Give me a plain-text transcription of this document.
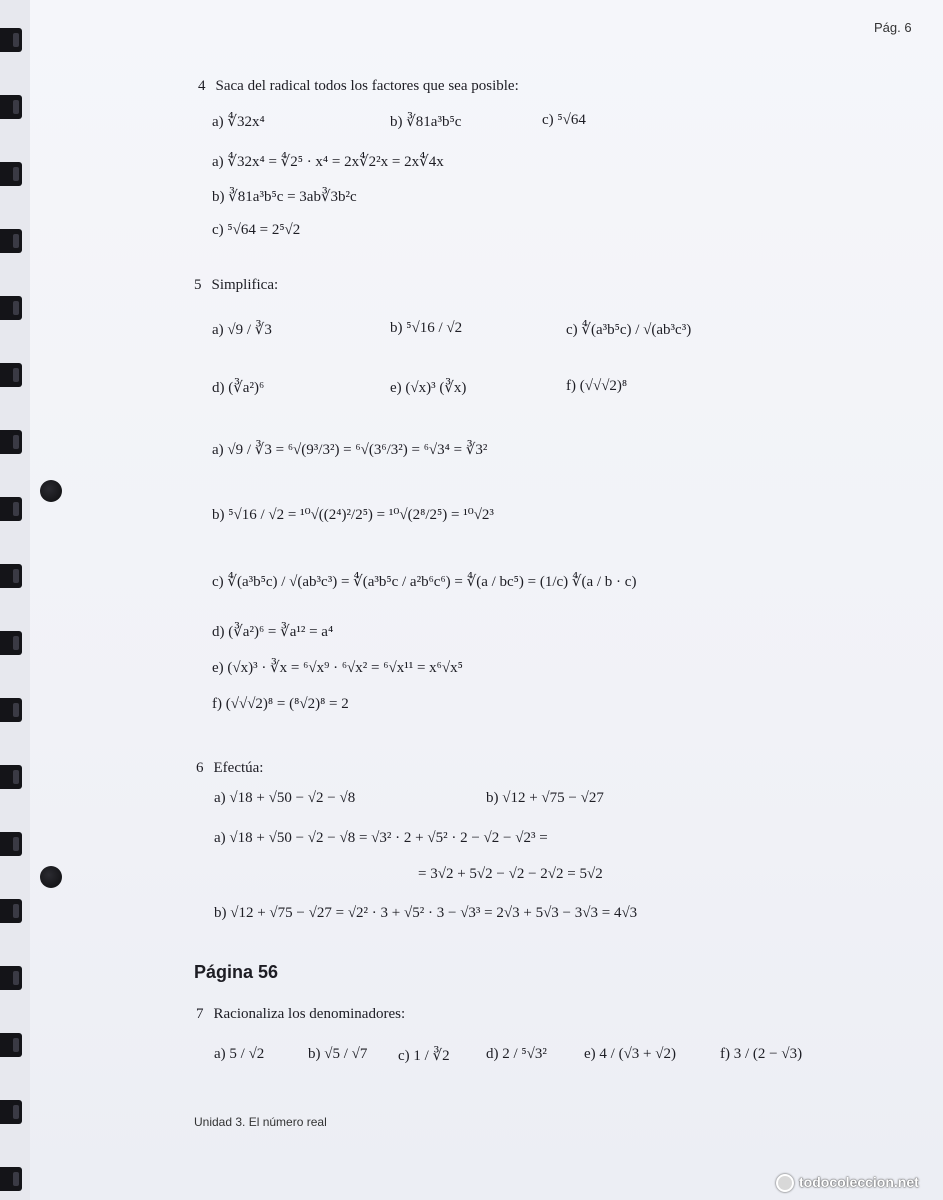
Pág. 6
4 Saca del radical todos los factores que sea posible:
a) ∜32x⁴	b) ∛81a³b⁵c	c) ⁵√64
a) ∜32x⁴ = ∜2⁵ · x⁴ = 2x∜2²x = 2x∜4x
b) ∛81a³b⁵c = 3ab∛3b²c
c) ⁵√64 = 2⁵√2
5 Simplifica:
a) √9 / ∛3	b) ⁵√16 / √2	c) ∜(a³b⁵c) / √(ab³c³)
d) (∛a²)⁶	e) (√x)³ (∛x)	f) (√√√2)⁸
a) √9 / ∛3 = ⁶√(9³/3²) = ⁶√(3⁶/3²) = ⁶√3⁴ = ∛3²
b) ⁵√16 / √2 = ¹⁰√((2⁴)²/2⁵) = ¹⁰√(2⁸/2⁵) = ¹⁰√2³
c) ∜(a³b⁵c) / √(ab³c³) = ∜(a³b⁵c / a²b⁶c⁶) = ∜(a / bc⁵) = (1/c) ∜(a / b · c)
d) (∛a²)⁶ = ∛a¹² = a⁴
e) (√x)³ · ∛x = ⁶√x⁹ · ⁶√x² = ⁶√x¹¹ = x⁶√x⁵
f) (√√√2)⁸ = (⁸√2)⁸ = 2
6 Efectúa:
a) √18 + √50 − √2 − √8	b) √12 + √75 − √27
a) √18 + √50 − √2 − √8 = √3² · 2 + √5² · 2 − √2 − √2³ =
= 3√2 + 5√2 − √2 − 2√2 = 5√2
b) √12 + √75 − √27 = √2² · 3 + √5² · 3 − √3³ = 2√3 + 5√3 − 3√3 = 4√3
Página 56
7 Racionaliza los denominadores:
a) 5 / √2	b) √5 / √7 c) 1 / ∛2 d) 2 / ⁵√3² e) 4 / (√3 + √2)	f) 3 / (2 − √3)
Unidad 3. El número real
todocoleccion.net
